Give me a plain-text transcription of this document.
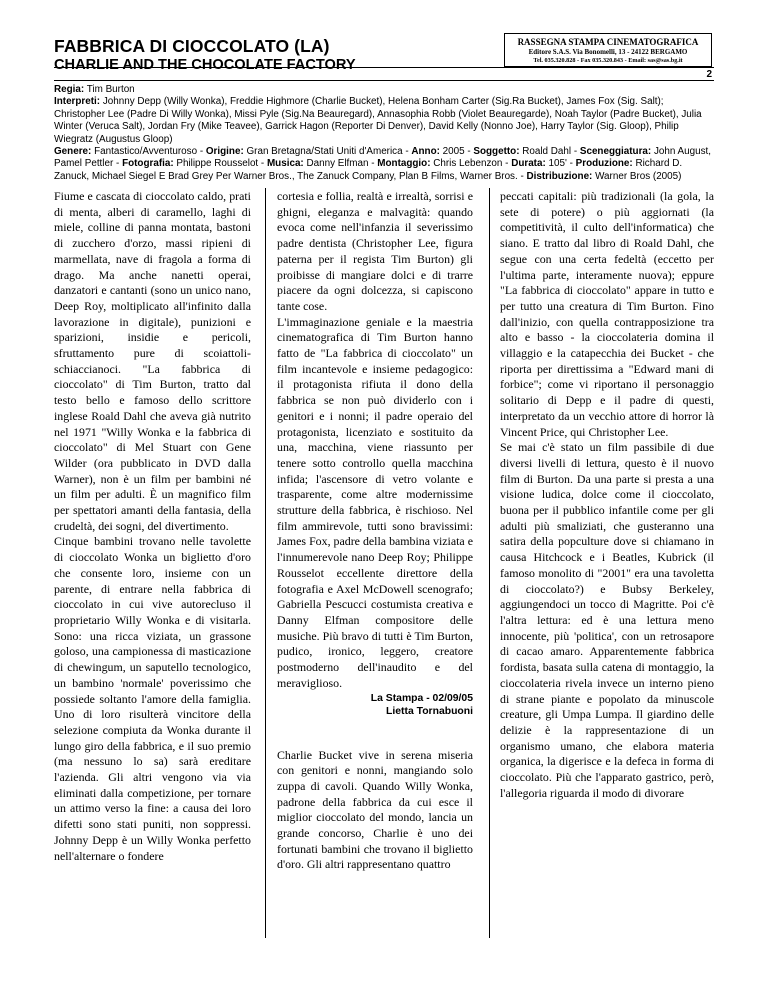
FABBRICA DI CIOCCOLATO (LA)
CHARLIE AND THE CHOCOLATE FACTORY
RASSEGNA STAMPA CINEMATOGRAFICA
Editore S.A.S. Via Bonomelli, 13 - 24122 BERGAMO
Tel. 035.320.828 - Fax 035.320.843 - Email: sas@sas.bg.it
2

Regia: Tim Burton
Interpreti: Johnny Depp (Willy Wonka), Freddie Highmore (Charlie Bucket), Helena Bonham Carter (Sig.Ra Bucket), James Fox (Sig. Salt); Christopher Lee (Padre Di Willy Wonka), Missi Pyle (Sig.Na Beauregard), Annasophia Robb (Violet Beauregarde), Noah Taylor (Padre Bucket), Julia Winter (Veruca Salt), Jordan Fry (Mike Teavee), Garrick Hagon (Reporter Di Denver), David Kelly (Nonno Joe), Harry Taylor (Sig. Gloop), Philip Wiegratz (Augustus Gloop)
Genere: Fantastico/Avventuroso - Origine: Gran Bretagna/Stati Uniti d'America - Anno: 2005 - Soggetto: Roald Dahl - Sceneggiatura: John August, Pamel Pettler - Fotografia: Philippe Rousselot - Musica: Danny Elfman - Montaggio: Chris Lebenzon - Durata: 105' - Produzione: Richard D. Zanuck, Michael Siegel E Brad Grey Per Warner Bros., The Zanuck Company, Plan B Films, Warner Bros. - Distribuzione: Warner Bros (2005)

Fiume e cascata di cioccolato caldo, prati di menta, alberi di caramello, laghi di miele, colline di panna montata, bastoni di zucchero d'orzo, massi ripieni di marmellata, nave di fragola a forma di drago. Ma anche nanetti operai, danzatori e cantanti (sono un unico nano, Deep Roy, moltiplicato all'infinito dalla lavorazione in digitale), punizioni e sparizioni, insidie e pericoli, sfruttamento pure di scoiattoli-schiaccianoci. "La fabbrica di cioccolato" di Tim Burton, tratto dal testo bello e famoso dello scrittore inglese Roald Dahl che aveva già nutrito nel 1971 "Willy Wonka e la fabbrica di cioccolato" di Mel Stuart con Gene Wilder (ora pubblicato in DVD dalla Warner), non è un film per bambini né un film per adulti. È un magnifico film per spettatori amanti della fantasia, della crudeltà, dei sogni, del divertimento.

Cinque bambini trovano nelle tavolette di cioccolato Wonka un biglietto d'oro che consente loro, insieme con un parente, di entrare nella fabbrica di cioccolato in cui vive autorecluso il proprietario Willy Wonka e di visitarla. Sono: una ricca viziata, un grassone goloso, una campionessa di masticazione di chewingum, un saputello tecnologico, un bambino 'normale' poverissimo che possiede soltanto l'amore della famiglia. Uno di loro risulterà vincitore della selezione compiuta da Wonka durante il lungo giro della fabbrica, e il suo premio (ma nessuno lo sa) sarà ereditare l'azienda. Gli altri vengono via via eliminati dalla competizione, per tornare un attimo verso la fine: a causa dei loro difetti sono stati puniti, non soppressi. Johnny Depp è un Willy Wonka perfetto nell'alternare o fondere

cortesia e follia, realtà e irrealtà, sorrisi e ghigni, eleganza e malvagità: quando evoca come nell'infanzia il severissimo padre dentista (Christopher Lee, figura paterna per il regista Tim Burton) gli proibisse di mangiare dolci e di trarre piacere da ogni dolcezza, si capiscono tante cose.

L'immaginazione geniale e la maestria cinematografica di Tim Burton hanno fatto de "La fabbrica di cioccolato" un film incantevole e insieme pedagogico: il protagonista rifiuta il dono della fabbrica se non può dividerlo con i genitori e i nonni; il padre operaio del protagonista, licenziato e sostituito da una, macchina, viene riassunto per tenere sotto controllo quella macchina infida; l'ascensore di vetro volante e trasparente, come altre modernissime strutture della fabbrica, è rischioso. Nel film ammirevole, tutti sono bravissimi: James Fox, padre della bambina viziata e l'innumerevole nano Deep Roy; Philippe Rousselot eccellente direttore della fotografia e Axel McDowell scenografo; Gabriella Pescucci costumista creativa e Danny Elfman compositore delle musiche. Più bravo di tutti è Tim Burton, pudico, ironico, leggero, creatore postmoderno dell'inaudito e del meraviglioso.

La Stampa - 02/09/05
Lietta Tornabuoni

Charlie Bucket vive in serena miseria con genitori e nonni, mangiando solo zuppa di cavoli. Quando Willy Wonka, padrone della fabbrica da cui esce il miglior cioccolato del mondo, lancia un grande concorso, Charlie è uno dei fortunati bambini che trovano il biglietto d'oro. Gli altri rappresentano quattro

peccati capitali: più tradizionali (la gola, la sete di potere) o più aggiornati (la competitività, il culto dell'informatica) che siano. E tratto dal libro di Roald Dahl, che segue con una certa fedeltà (eccetto per l'ultima parte, interamente nuova); eppure "La fabbrica di cioccolato" appare in tutto e per tutto una creatura di Tim Burton. Fino dall'inizio, con quella contrapposizione tra alto e basso - la cioccolateria domina il villaggio e la catapecchia dei Bucket - che riporta per direttissima a "Edward mani di forbice"; come vi riportano il personaggio solitario di Depp e il padre di questi, interpretato da un vecchio attore di horror là Vincent Price, qui Christopher Lee.

Se mai c'è stato un film passibile di due diversi livelli di lettura, questo è il nuovo film di Burton. Da una parte si presta a una visione ludica, dolce come il cioccolato, buona per il pubblico infantile come per gli adulti più smaliziati, che gusteranno una satira della popculture dove si chiamano in causa Hitchcock e i Beatles, Kubrick (il famoso monolito di "2001" era una tavoletta di cioccolato?) e Bubsy Berkeley, aggiungendoci un tocco di Magritte. Poi c'è l'altra lettura: ed è una lettura meno innocente, più 'politica', con un retrosapore di cacao amaro. Apparentemente fabbrica fordista, basata sulla catena di montaggio, la cioccolateria rivela invece un interno pieno di strane piante e popolato da minuscole creature, gli Umpa Lumpa. Il giardino delle delizie è la rappresentazione di un organismo umano, che elabora materia organica, la digerisce e la defeca in forma di cioccolato. Più che l'apparato gastrico, però, l'allegoria riguarda il modo di divorare
